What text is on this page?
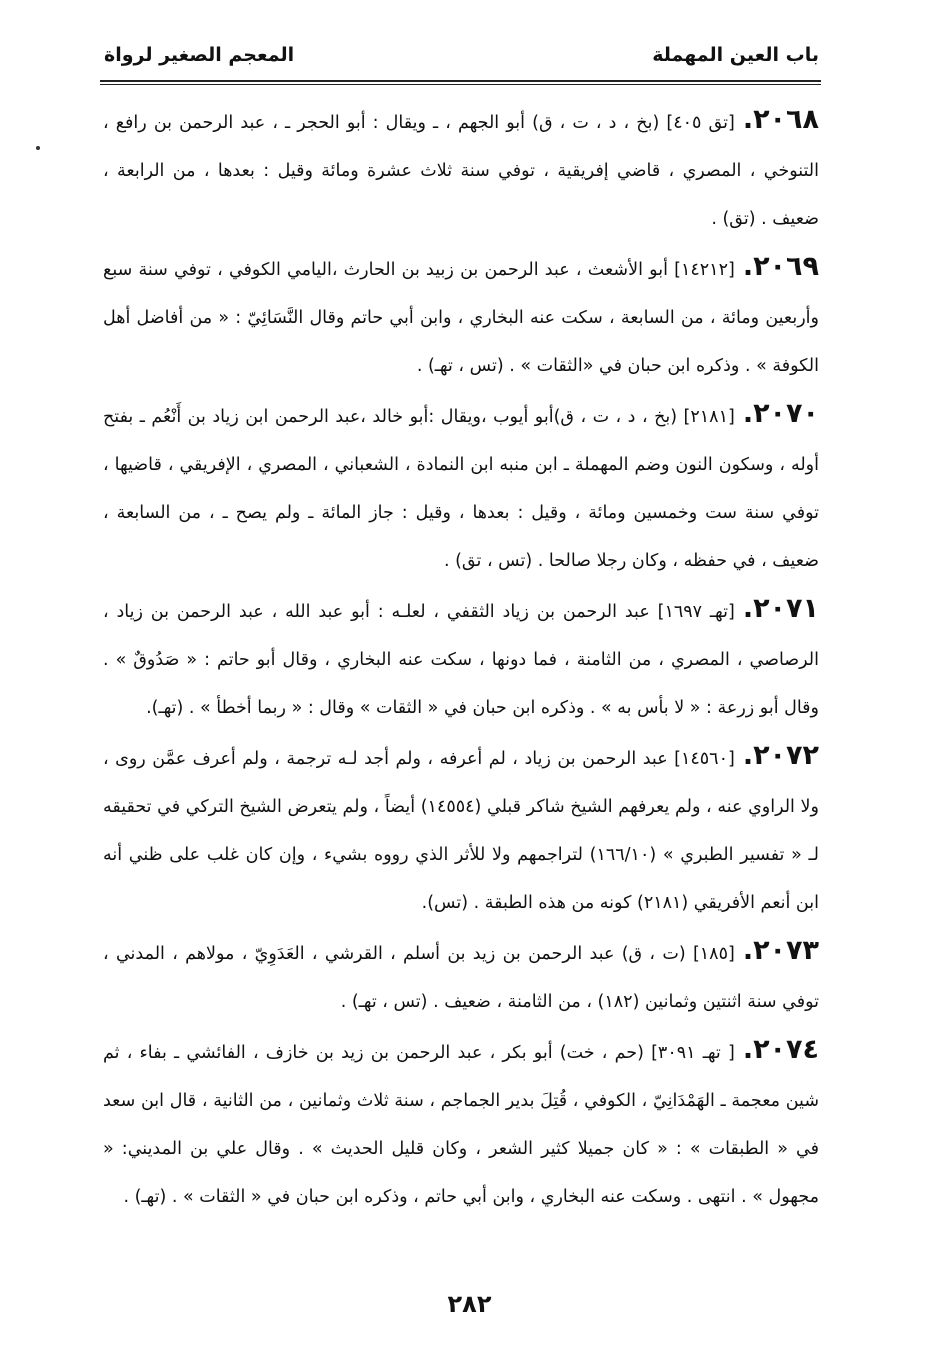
باب العين المهملة
المعجم الصغير لرواة

٢٠٦٨.[تق ٤٠٥] (بخ ، د ، ت ، ق) أبو الجهم ، ـ ويقال : أبو الحجر ـ ، عبد الرحمن بن رافع ، التنوخي ، المصري ، قاضي إفريقية ، توفي سنة ثلاث عشرة ومائة وقيل : بعدها ، من الرابعة ، ضعيف . (تق) .

٢٠٦٩.[١٤٢١٢] أبو الأشعث ، عبد الرحمن بن زبيد بن الحارث ،اليامي الكوفي ، توفي سنة سبع وأربعين ومائة ، من السابعة ، سكت عنه البخاري ، وابن أبي حاتم وقال النَّسَائِيّ : « من أفاضل أهل الكوفة » . وذكره ابن حبان في «الثقات » . (تس ، تهـ) .

٢٠٧٠.[٢١٨١] (بخ ، د ، ت ، ق)أبو أيوب ،ويقال :أبو خالد ،عبد الرحمن ابن زياد بن أَنْعُم ـ بفتح أوله ، وسكون النون وضم المهملة ـ ابن منبه ابن النمادة ، الشعباني ، المصري ، الإفريقي ، قاضيها ، توفي سنة ست وخمسين ومائة ، وقيل : بعدها ، وقيل : جاز المائة ـ ولم يصح ـ ، من السابعة ، ضعيف ، في حفظه ، وكان رجلا صالحا . (تس ، تق) .

٢٠٧١.[تهـ ١٦٩٧] عبد الرحمن بن زياد الثقفي ، لعلـه : أبو عبد الله ، عبد الرحمن بن زياد ، الرصاصي ، المصري ، من الثامنة ، فما دونها ، سكت عنه البخاري ، وقال أبو حاتم : « صَدُوقٌ » . وقال أبو زرعة : « لا بأس به » . وذكره ابن حبان في « الثقات » وقال : « ربما أخطأ » . (تهـ).

٢٠٧٢.[١٤٥٦٠] عبد الرحمن بن زياد ، لم أعرفه ، ولم أجد لـه ترجمة ، ولم أعرف عمَّن روى ، ولا الراوي عنه ، ولم يعرفهم الشيخ شاكر قبلي (١٤٥٥٤) أيضاً ، ولم يتعرض الشيخ التركي في تحقيقه لـ « تفسير الطبري » (١٦٦/١٠) لتراجمهم ولا للأثر الذي رووه بشيء ، وإن كان غلب على ظني أنه ابن أنعم الأفريقي (٢١٨١) كونه من هذه الطبقة . (تس).

٢٠٧٣.[١٨٥] (ت ، ق) عبد الرحمن بن زيد بن أسلم ، القرشي ، العَدَوِيّ ، مولاهم ، المدني ، توفي سنة اثنتين وثمانين (١٨٢) ، من الثامنة ، ضعيف . (تس ، تهـ) .

٢٠٧٤.[ تهـ ٣٠٩١] (حم ، خت) أبو بكر ، عبد الرحمن بن زيد بن خازف ، الفائشي ـ بفاء ، ثم شين معجمة ـ الهَمْدَانِيّ ، الكوفي ، قُتِلَ بدير الجماجم ، سنة ثلاث وثمانين ، من الثانية ، قال ابن سعد في « الطبقات » : « كان جميلا كثير الشعر ، وكان قليل الحديث » . وقال علي بن المديني: « مجهول » . انتهى . وسكت عنه البخاري ، وابن أبي حاتم ، وذكره ابن حبان في « الثقات » . (تهـ) .

٢٨٢
